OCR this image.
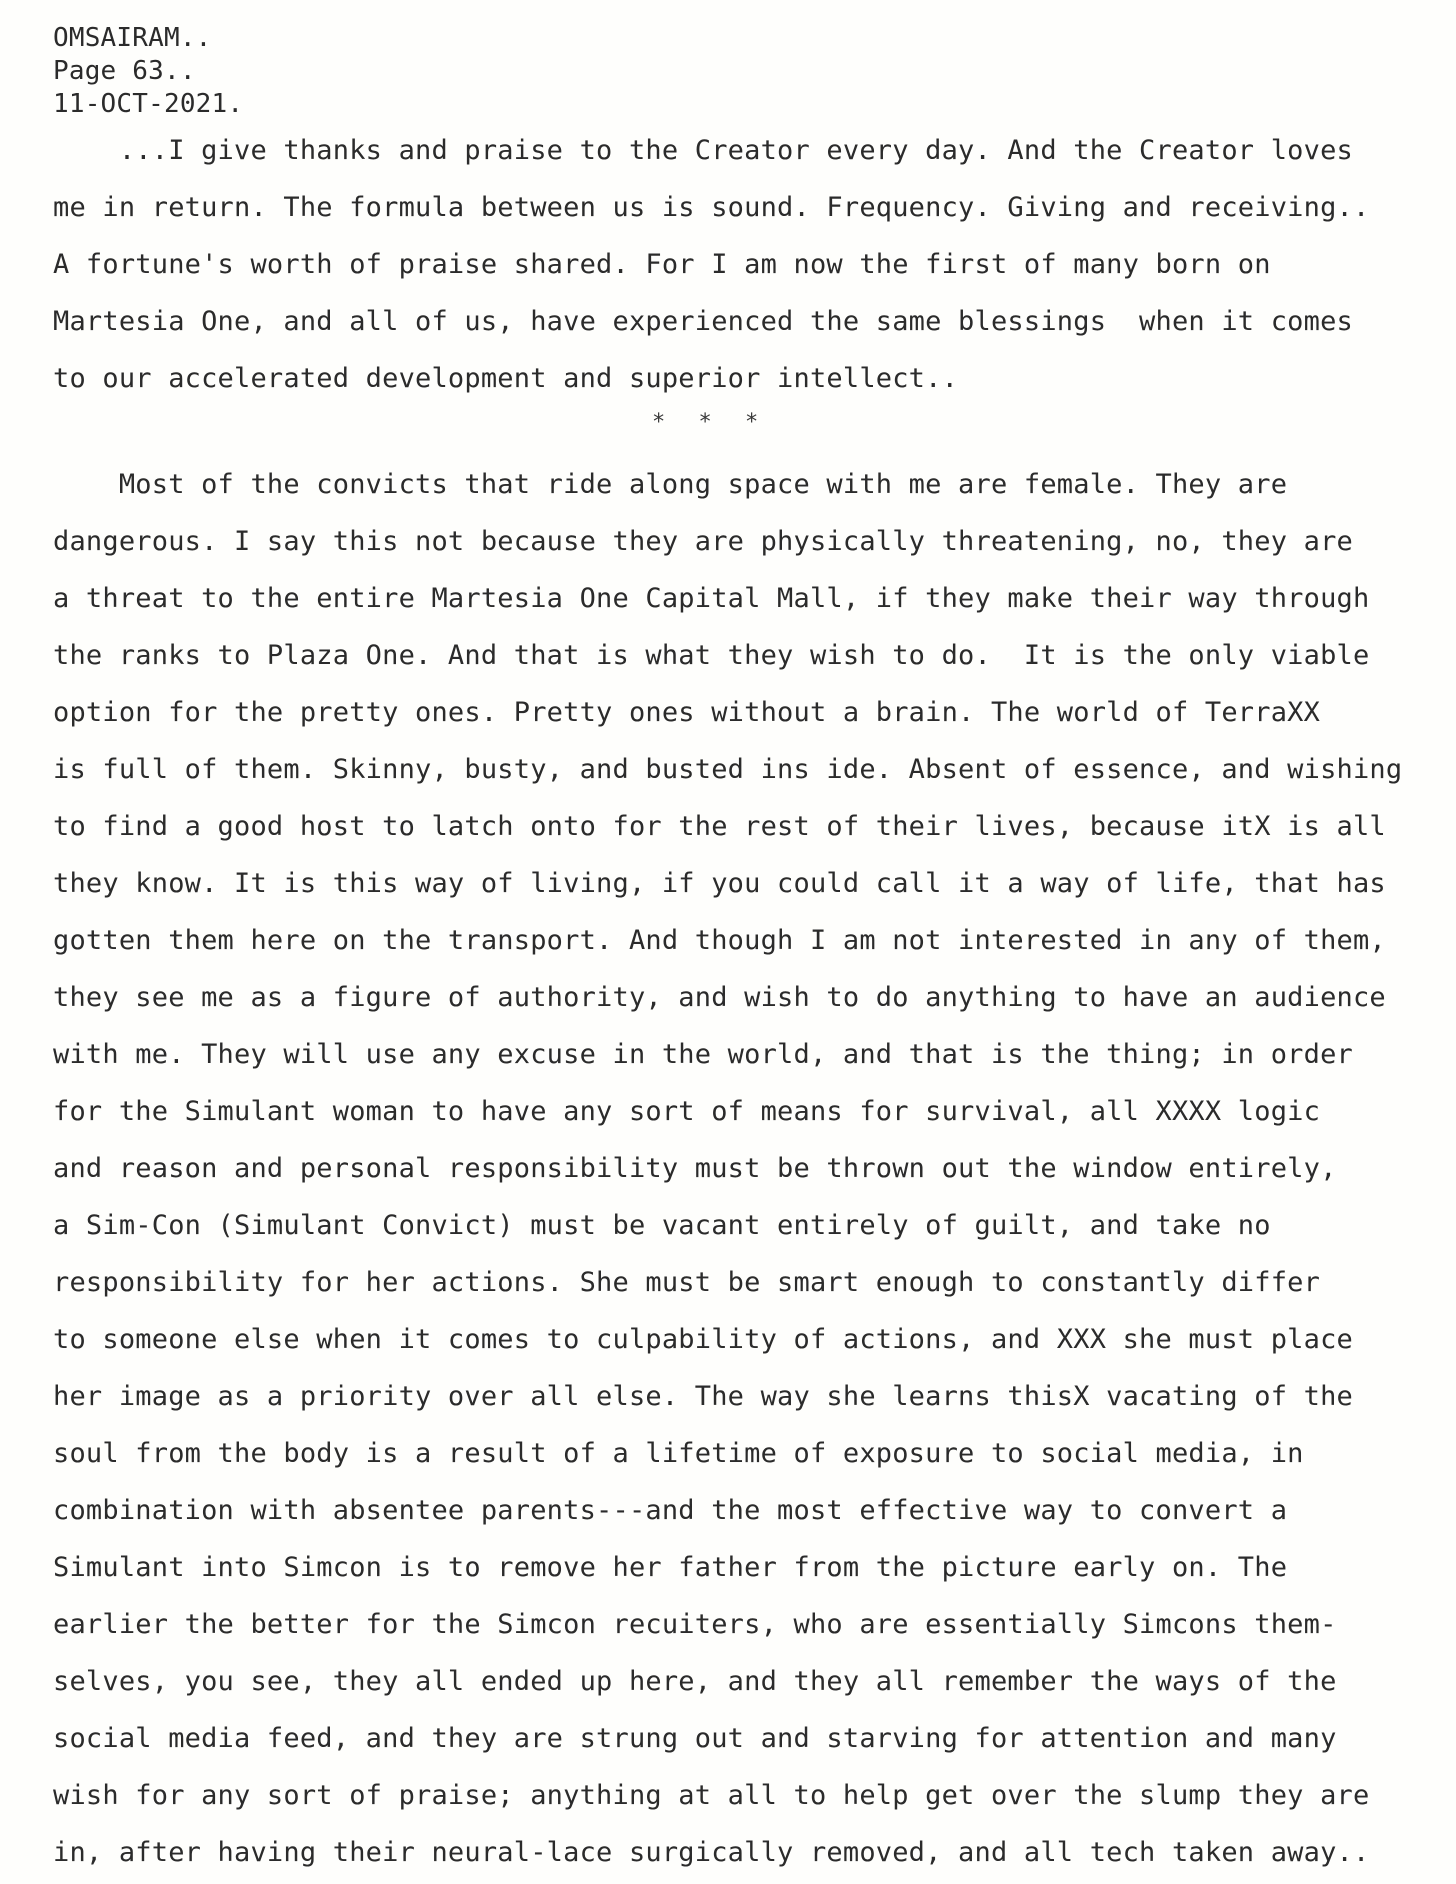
OMSAIRAM..
Page 63..
11-OCT-2021.
...I give thanks and praise to the Creator every day. And the Creator loves
me in return. The formula between us is sound. Frequency. Giving and receiving..
A fortune's worth of praise shared. For I am now the first of many born on
Martesia One, and all of us, have experienced the same blessings  when it comes
to our accelerated development and superior intellect..
* * *
Most of the convicts that ride along space with me are female. They are
dangerous. I say this not because they are physically threatening, no, they are
a threat to the entire Martesia One Capital Mall, if they make their way through
the ranks to Plaza One. And that is what they wish to do.  It is the only viable
option for the pretty ones. Pretty ones without a brain. The world of TerraXX
is full of them. Skinny, busty, and busted ins ide. Absent of essence, and wishing
to find a good host to latch onto for the rest of their lives, because itX is all
they know. It is this way of living, if you could call it a way of life, that has
gotten them here on the transport. And though I am not interested in any of them,
they see me as a figure of authority, and wish to do anything to have an audience
with me. They will use any excuse in the world, and that is the thing; in order
for the Simulant woman to have any sort of means for survival, all XXXX logic
and reason and personal responsibility must be thrown out the window entirely,
a Sim-Con (Simulant Convict) must be vacant entirely of guilt, and take no
responsibility for her actions. She must be smart enough to constantly differ
to someone else when it comes to culpability of actions, and XXX she must place
her image as a priority over all else. The way she learns thisX vacating of the
soul from the body is a result of a lifetime of exposure to social media, in
combination with absentee parents---and the most effective way to convert a
Simulant into Simcon is to remove her father from the picture early on. The
earlier the better for the Simcon recuiters, who are essentially Simcons them-
selves, you see, they all ended up here, and they all remember the ways of the
social media feed, and they are strung out and starving for attention and many
wish for any sort of praise; anything at all to help get over the slump they are
in, after having their neural-lace surgically removed, and all tech taken away..
